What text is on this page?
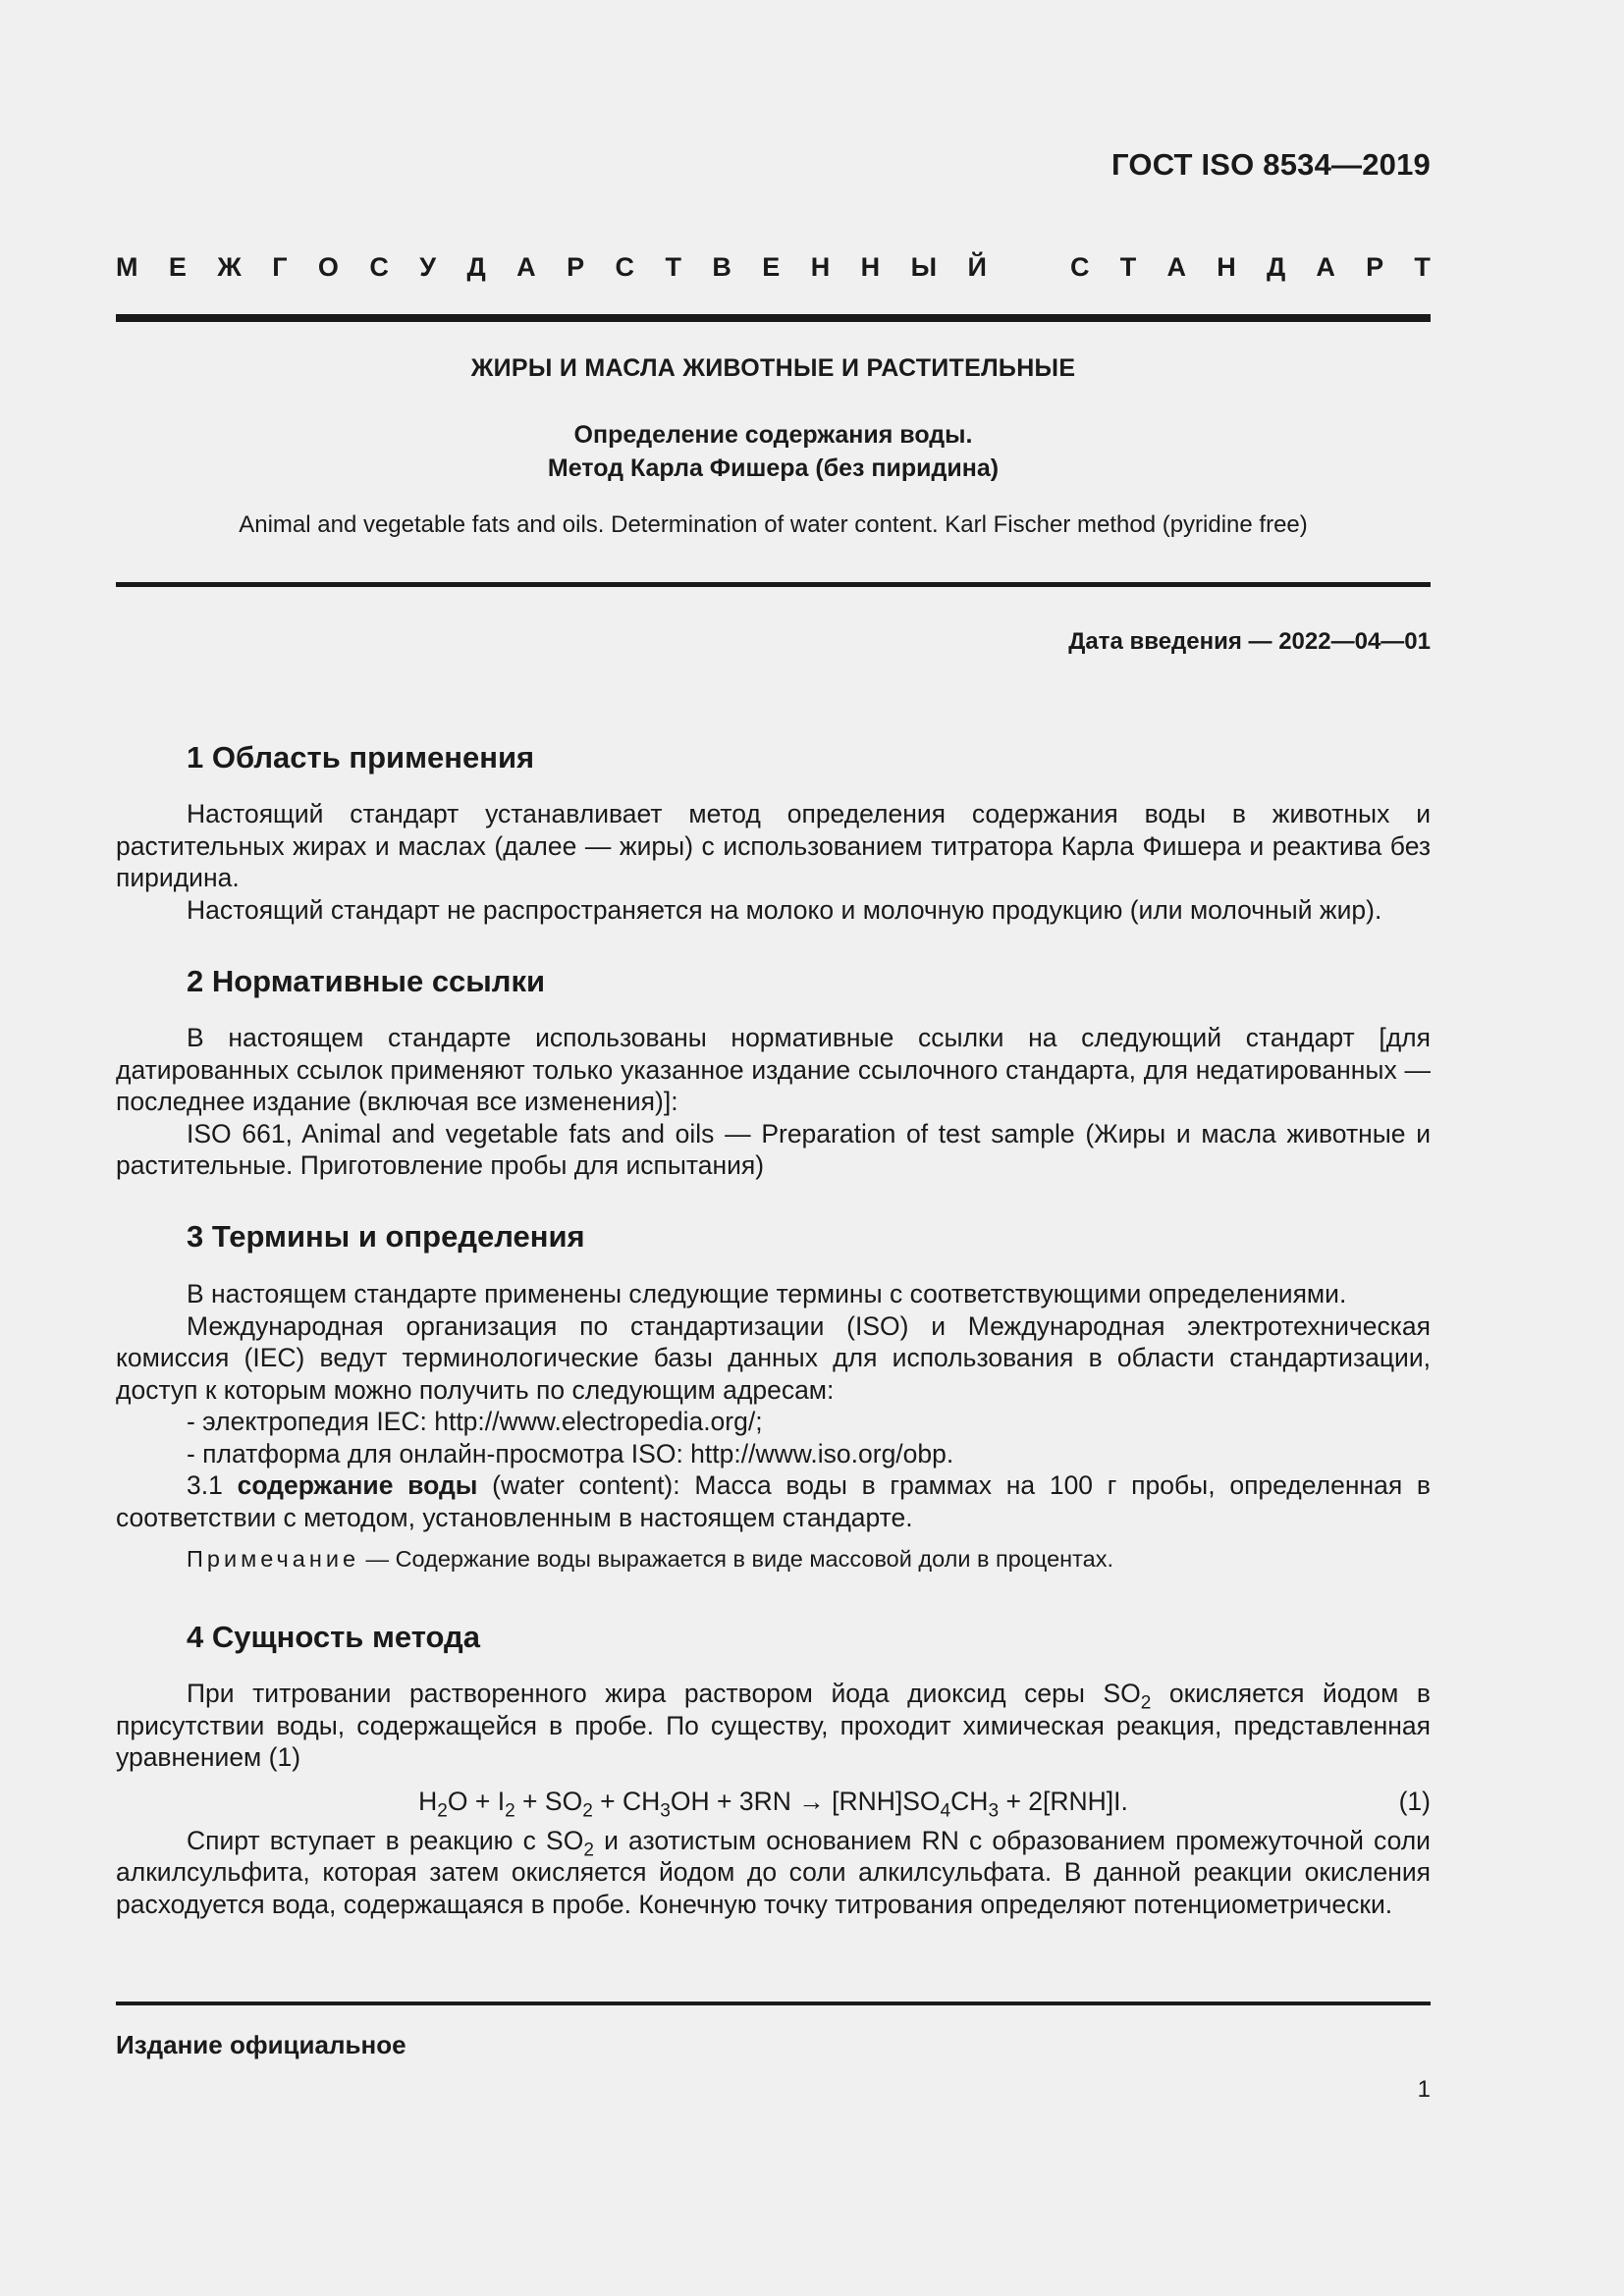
ГОСТ ISO 8534—2019
М Е Ж Г О С У Д А Р С Т В Е Н Н Ы Й	С Т А Н Д А Р Т
ЖИРЫ И МАСЛА ЖИВОТНЫЕ И РАСТИТЕЛЬНЫЕ
Определение содержания воды.
Метод Карла Фишера (без пиридина)
Animal and vegetable fats and oils. Determination of water content. Karl Fischer method (pyridine free)
Дата введения — 2022—04—01
1 Область применения

Настоящий стандарт устанавливает метод определения содержания воды в животных и растительных жирах и маслах (далее — жиры) с использованием титратора Карла Фишера и реактива без пиридина.

Настоящий стандарт не распространяется на молоко и молочную продукцию (или молочный жир).

2 Нормативные ссылки

В настоящем стандарте использованы нормативные ссылки на следующий стандарт [для датированных ссылок применяют только указанное издание ссылочного стандарта, для недатированных — последнее издание (включая все изменения)]:

ISO 661, Animal and vegetable fats and oils — Preparation of test sample (Жиры и масла животные и растительные. Приготовление пробы для испытания)

3 Термины и определения

В настоящем стандарте применены следующие термины с соответствующими определениями.

Международная организация по стандартизации (ISO) и Международная электротехническая комиссия (IEC) ведут терминологические базы данных для использования в области стандартизации, доступ к которым можно получить по следующим адресам:

- электропедия IEC: http://www.electropedia.org/;

- платформа для онлайн-просмотра ISO: http://www.iso.org/obp.

3.1 содержание воды (water content): Масса воды в граммах на 100 г пробы, определенная в соответствии с методом, установленным в настоящем стандарте.

Примечание — Содержание воды выражается в виде массовой доли в процентах.

4 Сущность метода

При титровании растворенного жира раствором йода диоксид серы $SO_2$ окисляется йодом в присутствии воды, содержащейся в пробе. По существу, проходит химическая реакция, представленная уравнением (1)

$H_2O + I_2 + SO_2 + CH_3OH + 3RN \to [RNH]SO_4CH_3 + 2[RNH]I$.	(1)

Спирт вступает в реакцию с $SO_2$ и азотистым основанием RN с образованием промежуточной соли алкилсульфита, которая затем окисляется йодом до соли алкилсульфата. В данной реакции окисления расходуется вода, содержащаяся в пробе. Конечную точку титрования определяют потенциометрически.

Издание официальное
1
